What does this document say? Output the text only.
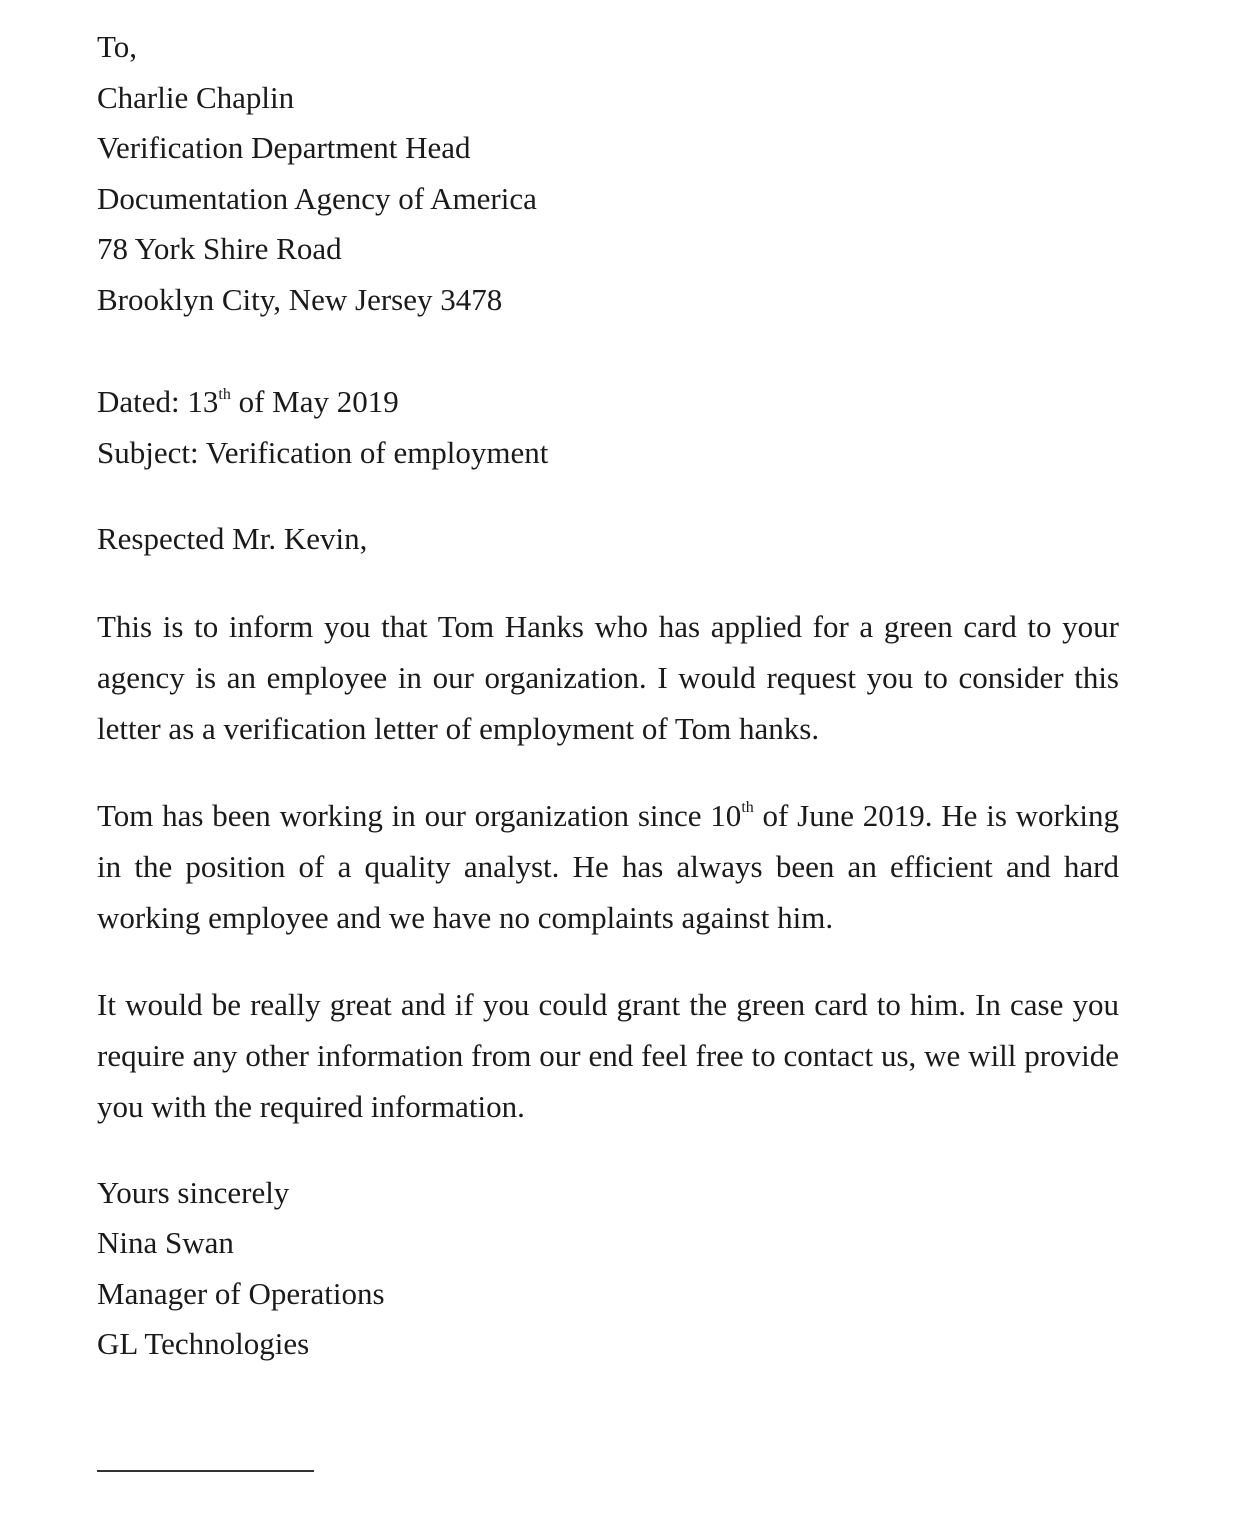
To,
Charlie Chaplin
Verification Department Head
Documentation Agency of America
78 York Shire Road
Brooklyn City, New Jersey 3478
Dated: 13th of May 2019
Subject: Verification of employment
Respected Mr. Kevin,

This is to inform you that Tom Hanks who has applied for a green card to your agency is an employee in our organization. I would request you to consider this letter as a verification letter of employment of Tom hanks.

Tom has been working in our organization since 10th of June 2019. He is working in the position of a quality analyst. He has always been an efficient and hard working employee and we have no complaints against him.

It would be really great and if you could grant the green card to him. In case you require any other information from our end feel free to contact us, we will provide you with the required information.

Yours sincerely
Nina Swan
Manager of Operations
GL Technologies
